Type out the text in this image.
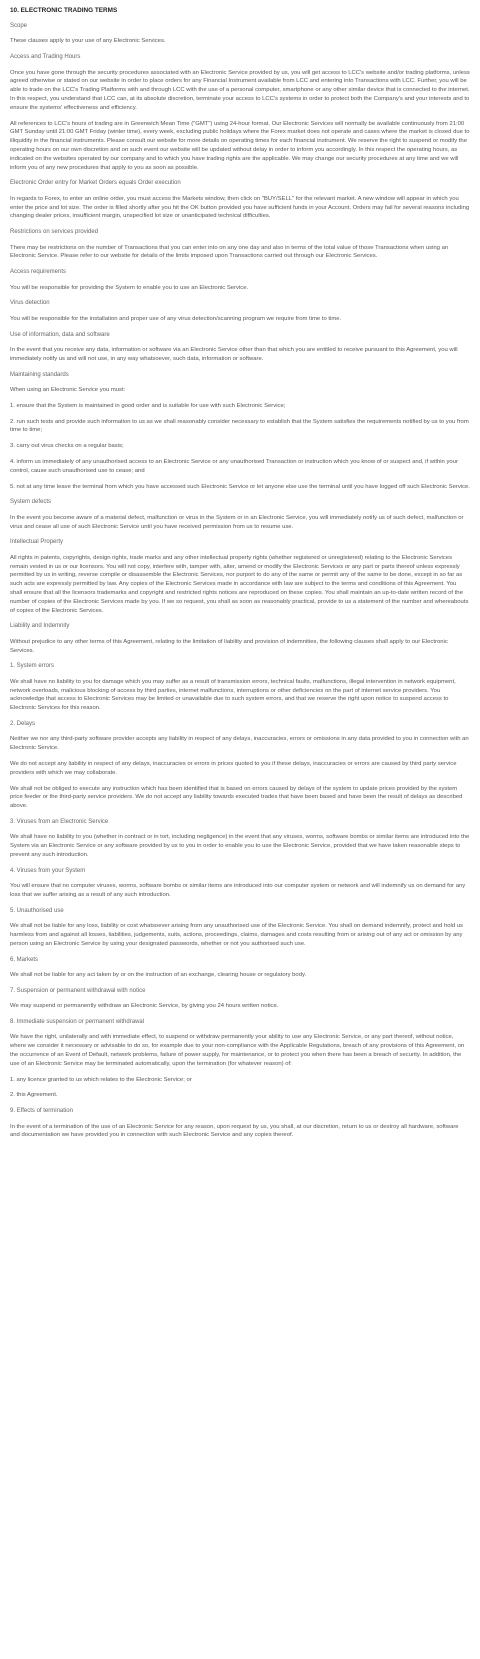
10. ELECTRONIC TRADING TERMS

Scope

These clauses apply to your use of any Electronic Services.

Access and Trading Hours

Once you have gone through the security procedures associated with an Electronic Service provided by us, you will get access to LCC's website and/or trading platforms, unless agreed otherwise or stated on our website in order to place orders for any Financial Instrument available from LCC and entering into Transactions with LCC. Further, you will be able to trade on the LCC's Trading Platforms with and through LCC with the use of a personal computer, smartphone or any other similar device that is connected to the internet. In this respect, you understand that LCC can, at its absolute discretion, terminate your access to LCC's systems in order to protect both the Company's and your interests and to ensure the systems' effectiveness and efficiency.

All references to LCC's hours of trading are in Greenwich Mean Time ("GMT") using 24-hour format. Our Electronic Services will normally be available continuously from 21:00 GMT Sunday until 21:00 GMT Friday (winter time), every week, excluding public holidays where the Forex market does not operate and cases where the market is closed due to illiquidity in the financial instruments. Please consult our website for more details on operating times for each financial instrument. We reserve the right to suspend or modify the operating hours on our own discretion and on such event our website will be updated without delay in order to inform you accordingly. In this respect the operating hours, as indicated on the websites operated by our company and to which you have trading rights are the applicable. We may change our security procedures at any time and we will inform you of any new procedures that apply to you as soon as possible.

Electronic Order entry for Market Orders equals Order execution

In regards to Forex, to enter an online order, you must access the Markets window, then click on "BUY/SELL" for the relevant market. A new window will appear in which you enter the price and lot size. The order is filled shortly after you hit the OK button provided you have sufficient funds in your Account. Orders may fail for several reasons including changing dealer prices, insufficient margin, unspecified lot size or unanticipated technical difficulties.

Restrictions on services provided

There may be restrictions on the number of Transactions that you can enter into on any one day and also in terms of the total value of those Transactions when using an Electronic Service. Please refer to our website for details of the limits imposed upon Transactions carried out through our Electronic Services.

Access requirements

You will be responsible for providing the System to enable you to use an Electronic Service.

Virus detection

You will be responsible for the installation and proper use of any virus detection/scanning program we require from time to time.

Use of information, data and software

In the event that you receive any data, information or software via an Electronic Service other than that which you are entitled to receive pursuant to this Agreement, you will immediately notify us and will not use, in any way whatsoever, such data, information or software.

Maintaining standards

When using an Electronic Service you must:

1. ensure that the System is maintained in good order and is suitable for use with such Electronic Service;

2. run such tests and provide such information to us as we shall reasonably consider necessary to establish that the System satisfies the requirements notified by us to you from time to time;

3. carry out virus checks on a regular basis;

4. inform us immediately of any unauthorised access to an Electronic Service or any unauthorised Transaction or instruction which you know of or suspect and, if within your control, cause such unauthorised use to cease; and

5. not at any time leave the terminal from which you have accessed such Electronic Service or let anyone else use the terminal until you have logged off such Electronic Service.

System defects

In the event you become aware of a material defect, malfunction or virus in the System or in an Electronic Service, you will immediately notify us of such defect, malfunction or virus and cease all use of such Electronic Service until you have received permission from us to resume use.

Intellectual Property

All rights in patents, copyrights, design rights, trade marks and any other intellectual property rights (whether registered or unregistered) relating to the Electronic Services remain vested in us or our licensors. You will not copy, interfere with, tamper with, alter, amend or modify the Electronic Services or any part or parts thereof unless expressly permitted by us in writing, reverse compile or disassemble the Electronic Services, nor purport to do any of the same or permit any of the same to be done, except in so far as such acts are expressly permitted by law. Any copies of the Electronic Services made in accordance with law are subject to the terms and conditions of this Agreement. You shall ensure that all the licensors trademarks and copyright and restricted rights notices are reproduced on these copies. You shall maintain an up-to-date written record of the number of copies of the Electronic Services made by you. If we so request, you shall as soon as reasonably practical, provide to us a statement of the number and whereabouts of copies of the Electronic Services.

Liability and Indemnity

Without prejudice to any other terms of this Agreement, relating to the limitation of liability and provision of indemnities, the following clauses shall apply to our Electronic Services.

1. System errors

We shall have no liability to you for damage which you may suffer as a result of transmission errors, technical faults, malfunctions, illegal intervention in network equipment, network overloads, malicious blocking of access by third parties, internet malfunctions, interruptions or other deficiencies on the part of internet service providers. You acknowledge that access to Electronic Services may be limited or unavailable due to such system errors, and that we reserve the right upon notice to suspend access to Electronic Services for this reason.

2. Delays

Neither we nor any third-party software provider accepts any liability in respect of any delays, inaccuracies, errors or omissions in any data provided to you in connection with an Electronic Service.

We do not accept any liability in respect of any delays, inaccuracies or errors in prices quoted to you if these delays, inaccuracies or errors are caused by third party service providers with which we may collaborate.

We shall not be obliged to execute any instruction which has been identified that is based on errors caused by delays of the system to update prices provided by the system price feeder or the third-party service providers. We do not accept any liability towards executed trades that have been based and have been the result of delays as described above.

3. Viruses from an Electronic Service

We shall have no liability to you (whether in contract or in tort, including negligence) in the event that any viruses, worms, software bombs or similar items are introduced into the System via an Electronic Service or any software provided by us to you in order to enable you to use the Electronic Service, provided that we have taken reasonable steps to prevent any such introduction.

4. Viruses from your System

You will ensure that no computer viruses, worms, software bombs or similar items are introduced into our computer system or network and will indemnify us on demand for any loss that we suffer arising as a result of any such introduction.

5. Unauthorised use

We shall not be liable for any loss, liability or cost whatsoever arising from any unauthorised use of the Electronic Service. You shall on demand indemnify, protect and hold us harmless from and against all losses, liabilities, judgements, suits, actions, proceedings, claims, damages and costs resulting from or arising out of any act or omission by any person using an Electronic Service by using your designated passwords, whether or not you authorised such use.

6. Markets

We shall not be liable for any act taken by or on the instruction of an exchange, clearing house or regulatory body.

7. Suspension or permanent withdrawal with notice

We may suspend or permanently withdraw an Electronic Service, by giving you 24 hours written notice.

8. Immediate suspension or permanent withdrawal

We have the right, unilaterally and with immediate effect, to suspend or withdraw permanently your ability to use any Electronic Service, or any part thereof, without notice, where we consider it necessary or advisable to do so, for example due to your non-compliance with the Applicable Regulations, breach of any provisions of this Agreement, on the occurrence of an Event of Default, network problems, failure of power supply, for maintenance, or to protect you when there has been a breach of security. In addition, the use of an Electronic Service may be terminated automatically, upon the termination (for whatever reason) of:

1. any licence granted to us which relates to the Electronic Service; or

2. this Agreement.

9. Effects of termination

In the event of a termination of the use of an Electronic Service for any reason, upon request by us, you shall, at our discretion, return to us or destroy all hardware, software and documentation we have provided you in connection with such Electronic Service and any copies thereof.
